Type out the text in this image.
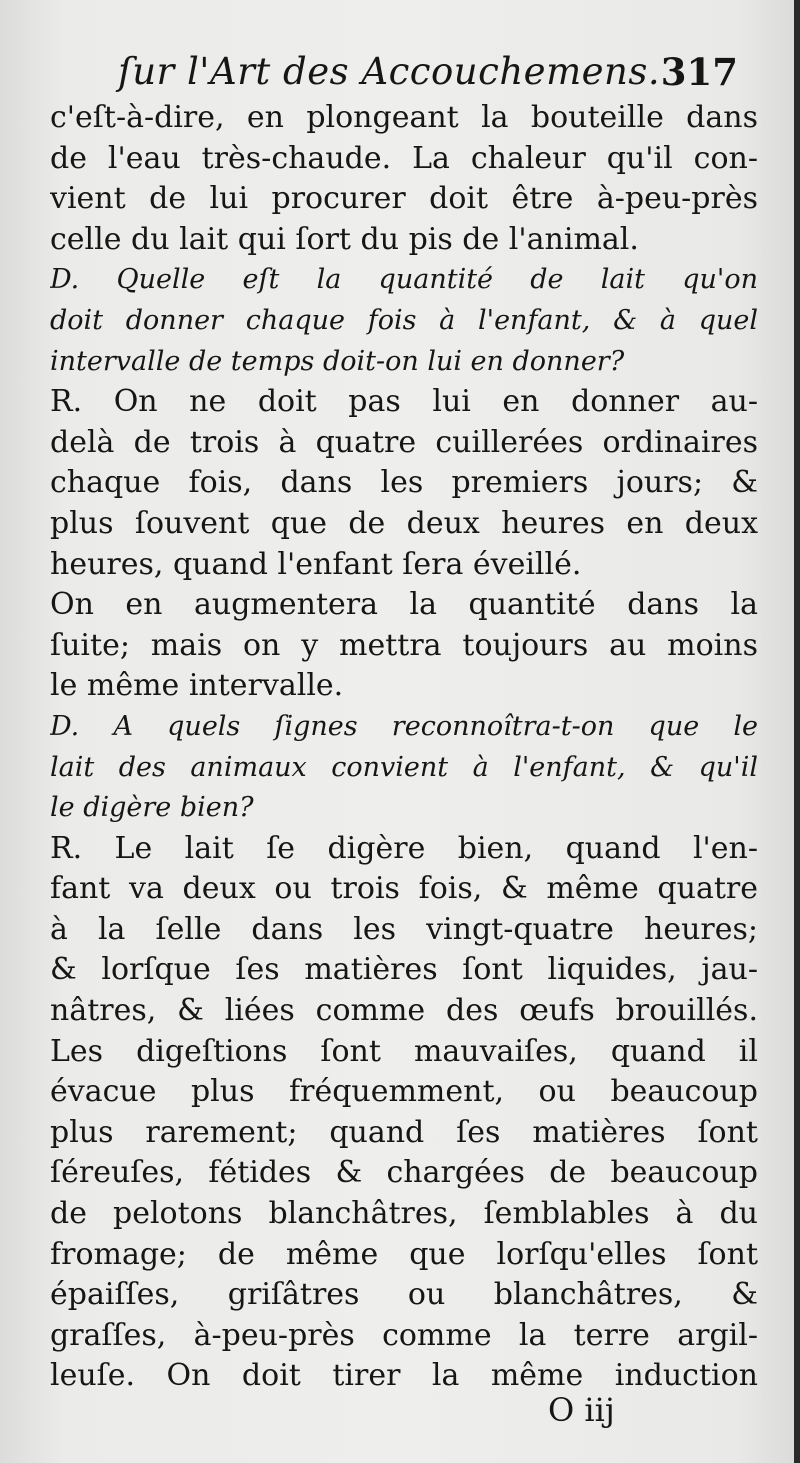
ſur l'Art des Accouchemens. 317
c'eſt-à-dire, en plongeant la bouteille dans
de l'eau très-chaude. La chaleur qu'il con-
vient de lui procurer doit être à-peu-près
celle du lait qui ſort du pis de l'animal.
D. Quelle eſt la quantité de lait qu'on
doit donner chaque fois à l'enfant, & à quel
intervalle de temps doit-on lui en donner?
R. On ne doit pas lui en donner au-
delà de trois à quatre cuillerées ordinaires
chaque fois, dans les premiers jours; &
plus ſouvent que de deux heures en deux
heures, quand l'enfant ſera éveillé.
On en augmentera la quantité dans la
ſuite; mais on y mettra toujours au moins
le même intervalle.
D. A quels ſignes reconnoîtra-t-on que le
lait des animaux convient à l'enfant, & qu'il
le digère bien?
R. Le lait ſe digère bien, quand l'en-
fant va deux ou trois fois, & même quatre
à la ſelle dans les vingt-quatre heures;
& lorſque ſes matières ſont liquides, jau-
nâtres, & liées comme des œufs brouillés.
Les digeſtions ſont mauvaiſes, quand il
évacue plus fréquemment, ou beaucoup
plus rarement; quand ſes matières ſont
ſéreuſes, fétides & chargées de beaucoup
de pelotons blanchâtres, ſemblables à du
fromage; de même que lorſqu'elles ſont
épaiſſes, griſâtres ou blanchâtres, &
graſſes, à-peu-près comme la terre argil-
leuſe. On doit tirer la même induction
O iij
